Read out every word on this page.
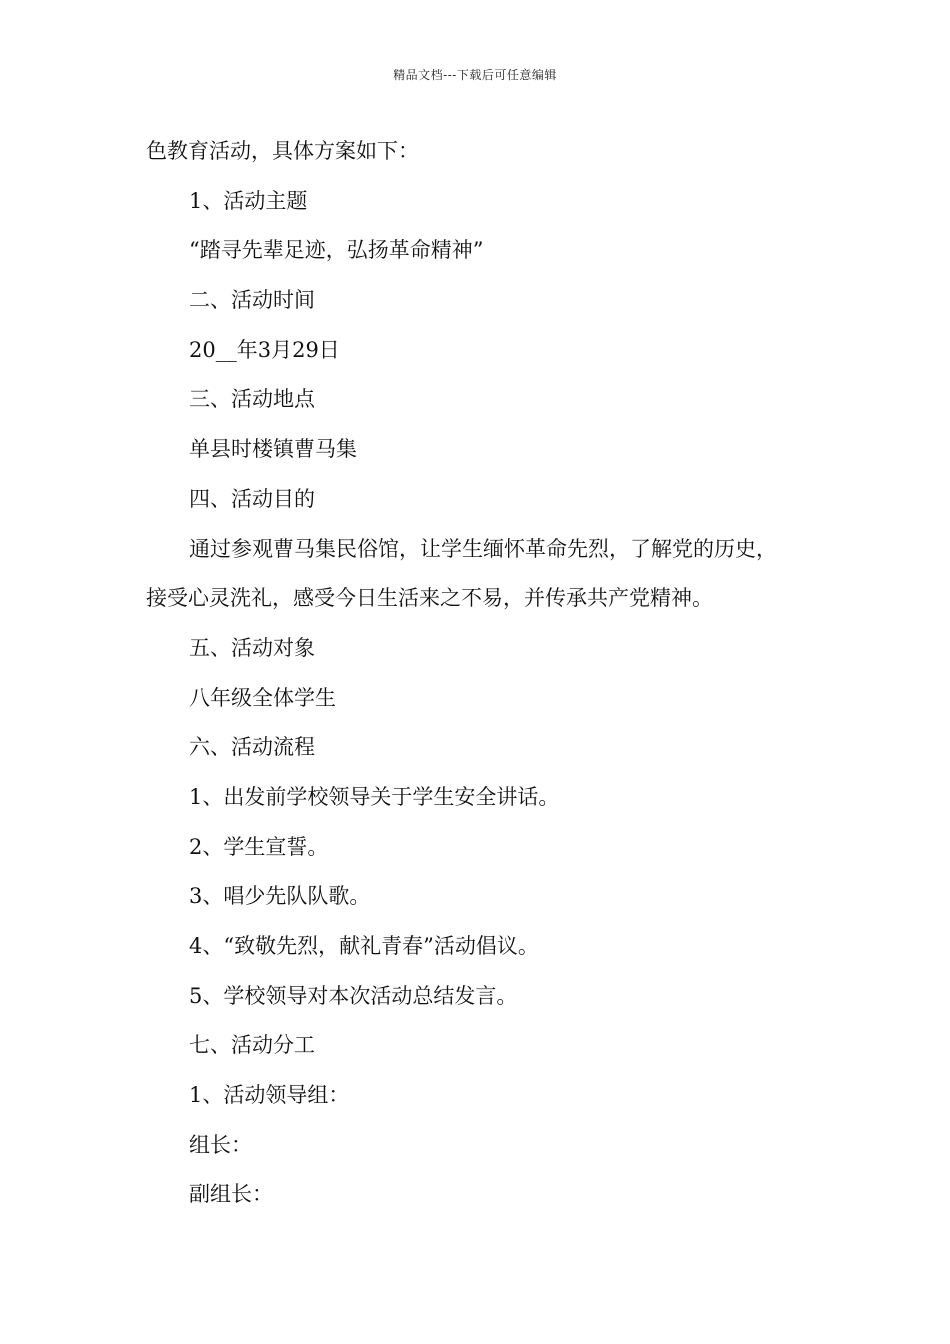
精品文档---下载后可任意编辑
色教育活动，具体方案如下：
1、活动主题
“踏寻先辈足迹，弘扬革命精神”
二、活动时间
20__年3月29日
三、活动地点
单县时楼镇曹马集
四、活动目的
通过参观曹马集民俗馆，让学生缅怀革命先烈，了解党的历史，
接受心灵洗礼，感受今日生活来之不易，并传承共产党精神。
五、活动对象
八年级全体学生
六、活动流程
1、出发前学校领导关于学生安全讲话。
2、学生宣誓。
3、唱少先队队歌。
4、“致敬先烈，献礼青春”活动倡议。
5、学校领导对本次活动总结发言。
七、活动分工
1、活动领导组：
组长：
副组长：
